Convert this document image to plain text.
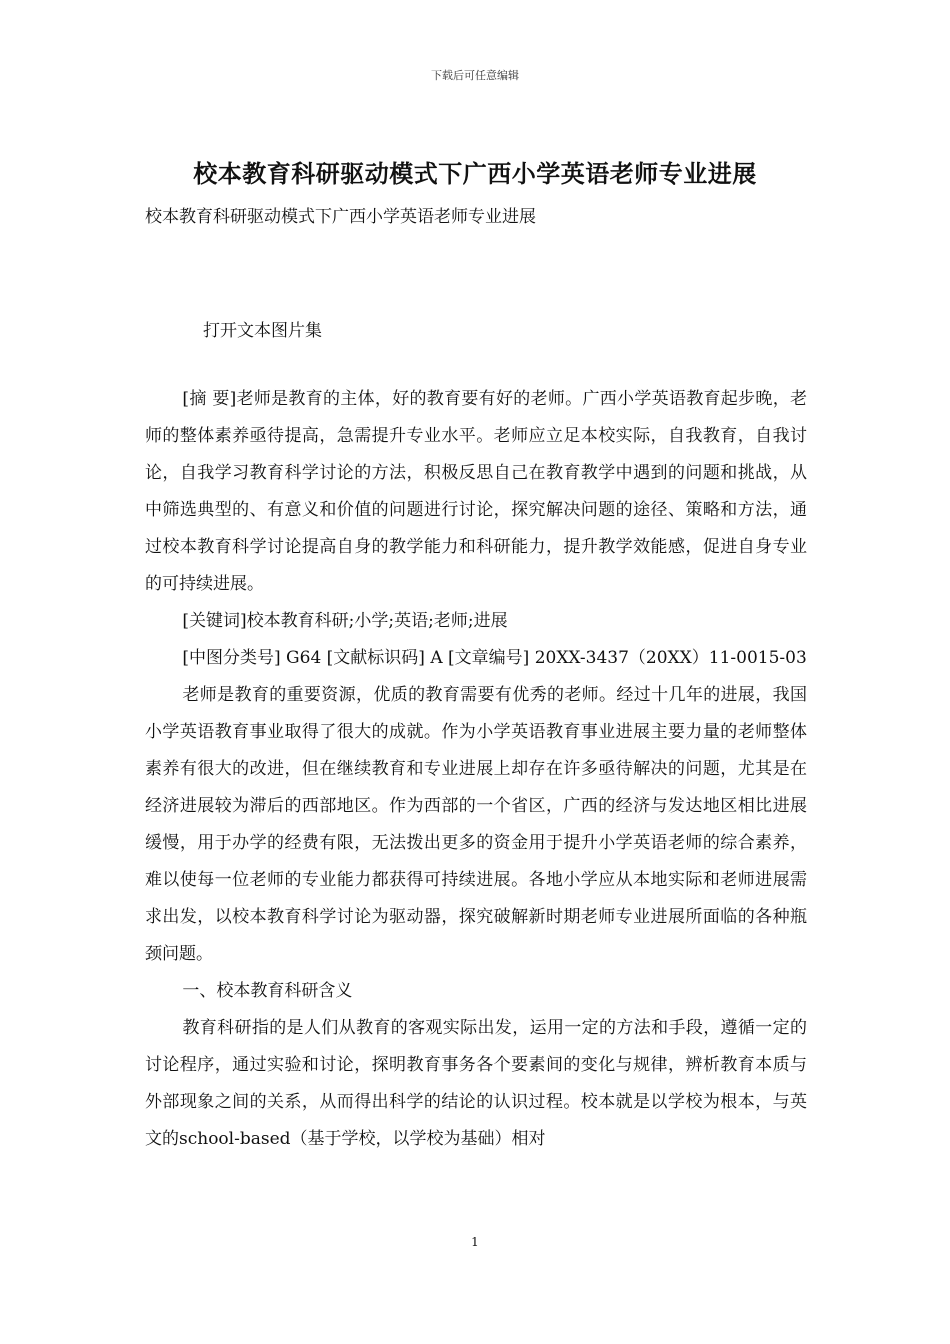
下载后可任意编辑
校本教育科研驱动模式下广西小学英语老师专业进展

校本教育科研驱动模式下广西小学英语老师专业进展

打开文本图片集

[摘 要]老师是教育的主体，好的教育要有好的老师。广西小学英语教育起步晚，老师的整体素养亟待提高，急需提升专业水平。老师应立足本校实际，自我教育，自我讨论，自我学习教育科学讨论的方法，积极反思自己在教育教学中遇到的问题和挑战，从中筛选典型的、有意义和价值的问题进行讨论，探究解决问题的途径、策略和方法，通过校本教育科学讨论提高自身的教学能力和科研能力，提升教学效能感，促进自身专业的可持续进展。

[关键词]校本教育科研;小学;英语;老师;进展

[中图分类号] G64 [文献标识码] A [文章编号] 20XX-3437（20XX）11-0015-03

老师是教育的重要资源，优质的教育需要有优秀的老师。经过十几年的进展，我国小学英语教育事业取得了很大的成就。作为小学英语教育事业进展主要力量的老师整体素养有很大的改进，但在继续教育和专业进展上却存在许多亟待解决的问题，尤其是在经济进展较为滞后的西部地区。作为西部的一个省区，广西的经济与发达地区相比进展缓慢，用于办学的经费有限，无法拨出更多的资金用于提升小学英语老师的综合素养，难以使每一位老师的专业能力都获得可持续进展。各地小学应从本地实际和老师进展需求出发，以校本教育科学讨论为驱动器，探究破解新时期老师专业进展所面临的各种瓶颈问题。

一、校本教育科研含义

教育科研指的是人们从教育的客观实际出发，运用一定的方法和手段，遵循一定的讨论程序，通过实验和讨论，探明教育事务各个要素间的变化与规律，辨析教育本质与外部现象之间的关系，从而得出科学的结论的认识过程。校本就是以学校为根本，与英文的school-based（基于学校，以学校为基础）相对

1
